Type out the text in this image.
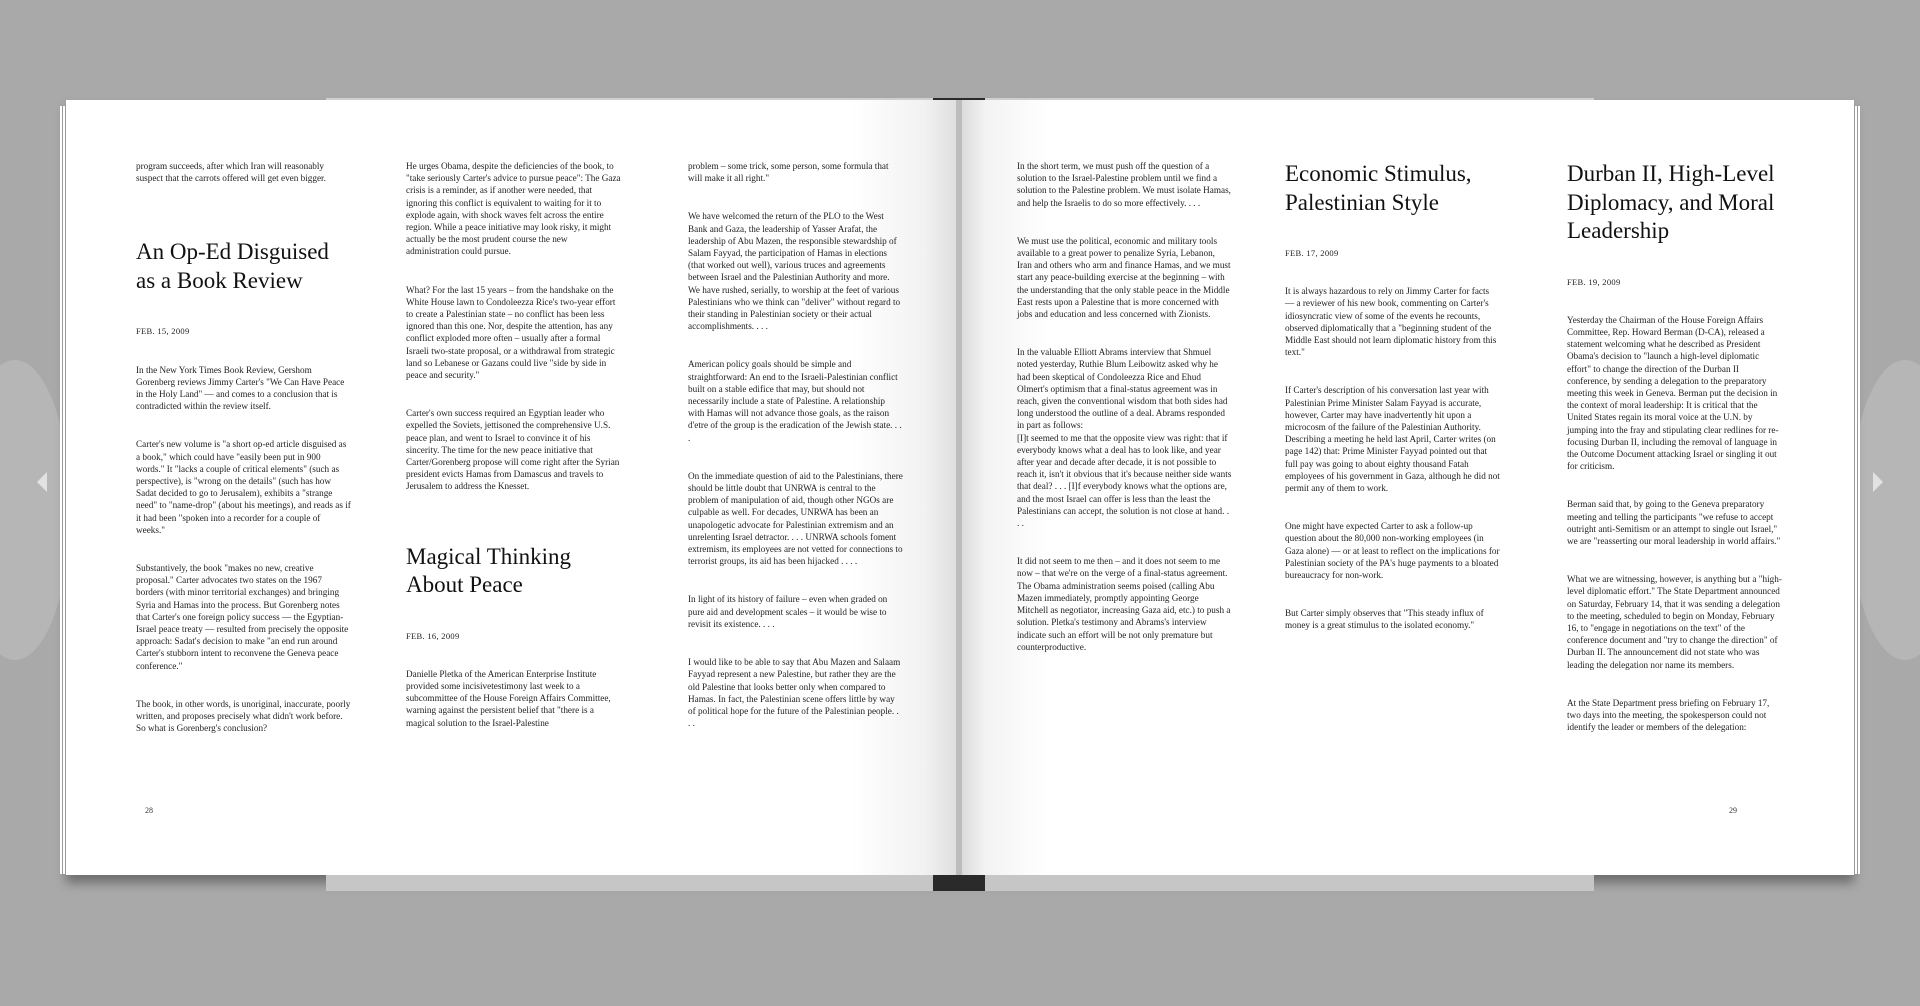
program succeeds, after which Iran will reasonably suspect that the carrots offered will get even bigger.

An Op-Ed Disguised as a Book Review

FEB. 15, 2009

In the New York Times Book Review, Gershom Gorenberg reviews Jimmy Carter's "We Can Have Peace in the Holy Land" — and comes to a conclusion that is contradicted within the review itself.

Carter's new volume is "a short op-ed article disguised as a book," which could have "easily been put in 900 words." It "lacks a couple of critical elements" (such as perspective), is "wrong on the details" (such has how Sadat decided to go to Jerusalem), exhibits a "strange need" to "name-drop" (about his meetings), and reads as if it had been "spoken into a recorder for a couple of weeks."

Substantively, the book "makes no new, creative proposal." Carter advocates two states on the 1967 borders (with minor territorial exchanges) and bringing Syria and Hamas into the process. But Gorenberg notes that Carter's one foreign policy success — the Egyptian-Israel peace treaty — resulted from precisely the opposite approach: Sadat's decision to make "an end run around Carter's stubborn intent to reconvene the Geneva peace conference."

The book, in other words, is unoriginal, inaccurate, poorly written, and proposes precisely what didn't work before. So what is Gorenberg's conclusion?

He urges Obama, despite the deficiencies of the book, to "take seriously Carter's advice to pursue peace": The Gaza crisis is a reminder, as if another were needed, that ignoring this conflict is equivalent to waiting for it to explode again, with shock waves felt across the entire region. While a peace initiative may look risky, it might actually be the most prudent course the new administration could pursue.

What? For the last 15 years – from the handshake on the White House lawn to Condoleezza Rice's two-year effort to create a Palestinian state – no conflict has been less ignored than this one. Nor, despite the attention, has any conflict exploded more often – usually after a formal Israeli two-state proposal, or a withdrawal from strategic land so Lebanese or Gazans could live "side by side in peace and security."

Carter's own success required an Egyptian leader who expelled the Soviets, jettisoned the comprehensive U.S. peace plan, and went to Israel to convince it of his sincerity. The time for the new peace initiative that Carter/Gorenberg propose will come right after the Syrian president evicts Hamas from Damascus and travels to Jerusalem to address the Knesset.

Magical Thinking About Peace

FEB. 16, 2009

Danielle Pletka of the American Enterprise Institute provided some incisivetestimony last week to a subcommittee of the House Foreign Affairs Committee, warning against the persistent belief that "there is a magical solution to the Israel-Palestine

problem – some trick, some person, some formula that will make it all right."

We have welcomed the return of the PLO to the West Bank and Gaza, the leadership of Yasser Arafat, the leadership of Abu Mazen, the responsible stewardship of Salam Fayyad, the participation of Hamas in elections (that worked out well), various truces and agreements between Israel and the Palestinian Authority and more. We have rushed, serially, to worship at the feet of various Palestinians who we think can "deliver" without regard to their standing in Palestinian society or their actual accomplishments. . . .

American policy goals should be simple and straightforward: An end to the Israeli-Palestinian conflict built on a stable edifice that may, but should not necessarily include a state of Palestine. A relationship with Hamas will not advance those goals, as the raison d'etre of the group is the eradication of the Jewish state. . . .

On the immediate question of aid to the Palestinians, there should be little doubt that UNRWA is central to the problem of manipulation of aid, though other NGOs are culpable as well. For decades, UNRWA has been an unapologetic advocate for Palestinian extremism and an unrelenting Israel detractor. . . . UNRWA schools foment extremism, its employees are not vetted for connections to terrorist groups, its aid has been hijacked . . . .

In light of its history of failure – even when graded on pure aid and development scales – it would be wise to revisit its existence. . . .

I would like to be able to say that Abu Mazen and Salaam Fayyad represent a new Palestine, but rather they are the old Palestine that looks better only when compared to Hamas. In fact, the Palestinian scene offers little by way of political hope for the future of the Palestinian people. . . .

28

In the short term, we must push off the question of a solution to the Israel-Palestine problem until we find a solution to the Palestine problem. We must isolate Hamas, and help the Israelis to do so more effectively. . . .

We must use the political, economic and military tools available to a great power to penalize Syria, Lebanon, Iran and others who arm and finance Hamas, and we must start any peace-building exercise at the beginning – with the understanding that the only stable peace in the Middle East rests upon a Palestine that is more concerned with jobs and education and less concerned with Zionists.

In the valuable Elliott Abrams interview that Shmuel noted yesterday, Ruthie Blum Leibowitz asked why he had been skeptical of Condoleezza Rice and Ehud Olmert's optimism that a final-status agreement was in reach, given the conventional wisdom that both sides had long understood the outline of a deal. Abrams responded in part as follows:

[I]t seemed to me that the opposite view was right: that if everybody knows what a deal has to look like, and year after year and decade after decade, it is not possible to reach it, isn't it obvious that it's because neither side wants that deal? . . . [I]f everybody knows what the options are, and the most Israel can offer is less than the least the Palestinians can accept, the solution is not close at hand. . . .

It did not seem to me then – and it does not seem to me now – that we're on the verge of a final-status agreement.

The Obama administration seems poised (calling Abu Mazen immediately, promptly appointing George Mitchell as negotiator, increasing Gaza aid, etc.) to push a solution. Pletka's testimony and Abrams's interview indicate such an effort will be not only premature but counterproductive.

Economic Stimulus, Palestinian Style

FEB. 17, 2009

It is always hazardous to rely on Jimmy Carter for facts — a reviewer of his new book, commenting on Carter's idiosyncratic view of some of the events he recounts, observed diplomatically that a "beginning student of the Middle East should not learn diplomatic history from this text."

If Carter's description of his conversation last year with Palestinian Prime Minister Salam Fayyad is accurate, however, Carter may have inadvertently hit upon a microcosm of the failure of the Palestinian Authority. Describing a meeting he held last April, Carter writes (on page 142) that: Prime Minister Fayyad pointed out that full pay was going to about eighty thousand Fatah employees of his government in Gaza, although he did not permit any of them to work.

One might have expected Carter to ask a follow-up question about the 80,000 non-working employees (in Gaza alone) — or at least to reflect on the implications for Palestinian society of the PA's huge payments to a bloated bureaucracy for non-work.

But Carter simply observes that "This steady influx of money is a great stimulus to the isolated economy."

Durban II, High-Level Diplomacy, and Moral Leadership

FEB. 19, 2009

Yesterday the Chairman of the House Foreign Affairs Committee, Rep. Howard Berman (D-CA), released a statement welcoming what he described as President Obama's decision to "launch a high-level diplomatic effort" to change the direction of the Durban II conference, by sending a delegation to the preparatory meeting this week in Geneva. Berman put the decision in the context of moral leadership: It is critical that the United States regain its moral voice at the U.N. by jumping into the fray and stipulating clear redlines for re-focusing Durban II, including the removal of language in the Outcome Document attacking Israel or singling it out for criticism.

Berman said that, by going to the Geneva preparatory meeting and telling the participants "we refuse to accept outright anti-Semitism or an attempt to single out Israel," we are "reasserting our moral leadership in world affairs."

What we are witnessing, however, is anything but a "high-level diplomatic effort." The State Department announced on Saturday, February 14, that it was sending a delegation to the meeting, scheduled to begin on Monday, February 16, to "engage in negotiations on the text" of the conference document and "try to change the direction" of Durban II. The announcement did not state who was leading the delegation nor name its members.

At the State Department press briefing on February 17, two days into the meeting, the spokesperson could not identify the leader or members of the delegation:

29
